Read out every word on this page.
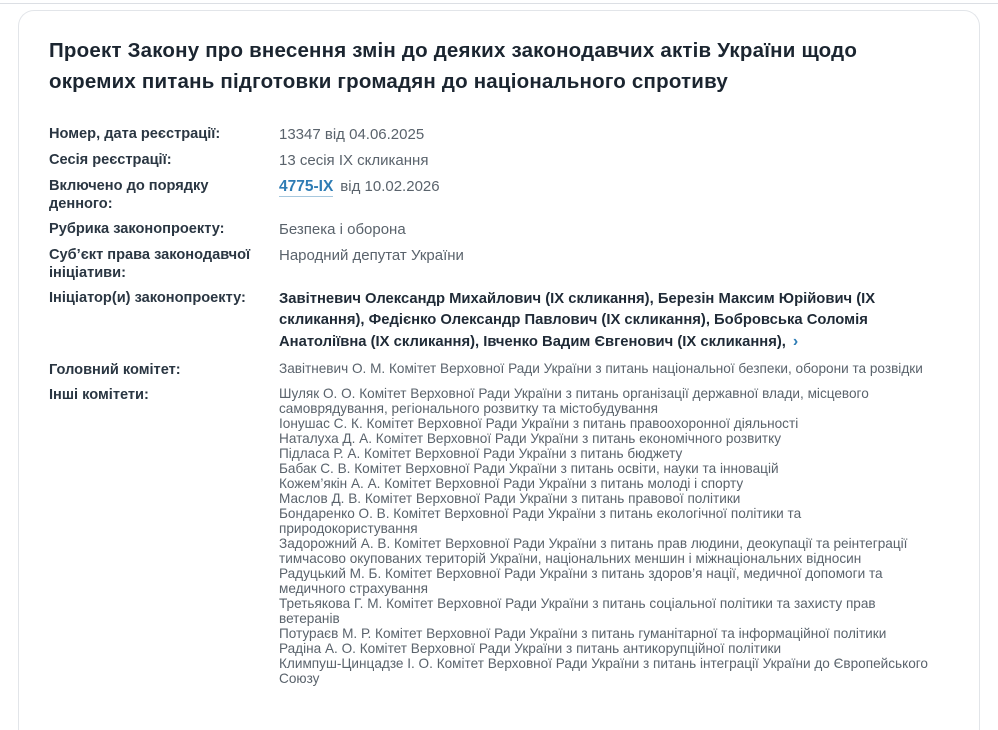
Проект Закону про внесення змін до деяких законодавчих актів України щодо окремих питань підготовки громадян до національного спротиву
Номер, дата реєстрації:	13347 від 04.06.2025
Сесія реєстрації:	13 сесія IX скликання
Включено до порядку денного:
4775-IX від 10.02.2026
Рубрика законопроекту:	Безпека і оборона
Суб’єкт права законодавчої ініціативи:
Народний депутат України
Ініціатор(и) законопроекту:	Завітневич Олександр Михайлович (ІХ скликання), Березін Максим Юрійович (ІХ скликання), Федієнко Олександр Павлович (ІХ скликання), Бобровська Соломія Анатоліївна (ІХ скликання), Івченко Вадим Євгенович (ІХ скликання), ›
Головний комітет:	Завітневич О. М. Комітет Верховної Ради України з питань національної безпеки, оборони та розвідки
Інші комітети:	Шуляк О. О. Комітет Верховної Ради України з питань організації державної влади, місцевого самоврядування, регіонального розвитку та містобудування
Іонушас С. К. Комітет Верховної Ради України з питань правоохоронної діяльності
Наталуха Д. А. Комітет Верховної Ради України з питань економічного розвитку
Підласа Р. А. Комітет Верховної Ради України з питань бюджету
Бабак С. В. Комітет Верховної Ради України з питань освіти, науки та інновацій
Кожем’якін А. А. Комітет Верховної Ради України з питань молоді і спорту
Маслов Д. В. Комітет Верховної Ради України з питань правової політики
Бондаренко О. В. Комітет Верховної Ради України з питань екологічної політики та природокористування
Задорожний А. В. Комітет Верховної Ради України з питань прав людини, деокупації та реінтеграції тимчасово окупованих територій України, національних меншин і міжнаціональних відносин
Радуцький М. Б. Комітет Верховної Ради України з питань здоров’я нації, медичної допомоги та медичного страхування
Третьякова Г. М. Комітет Верховної Ради України з питань соціальної політики та захисту прав ветеранів
Потураєв М. Р. Комітет Верховної Ради України з питань гуманітарної та інформаційної політики
Радіна А. О. Комітет Верховної Ради України з питань антикорупційної політики
Климпуш-Цинцадзе І. О. Комітет Верховної Ради України з питань інтеграції України до Європейського Союзу
